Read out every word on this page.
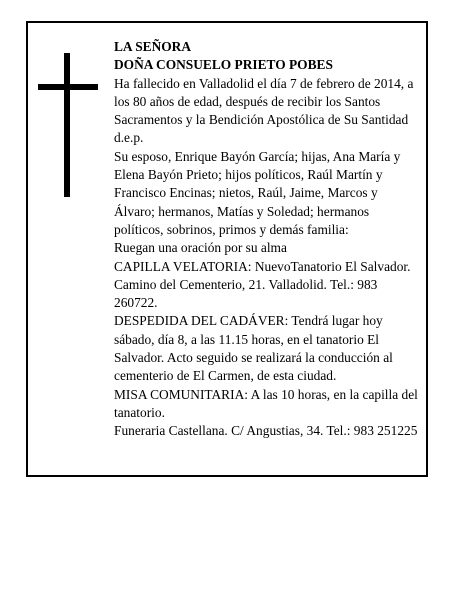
LA SEÑORA

DOÑA CONSUELO PRIETO POBES

Ha fallecido en Valladolid el día 7 de febrero de 2014, a los 80 años de edad, después de recibir los Santos Sacramentos y la Bendición Apostólica de Su Santidad d.e.p.

Su esposo, Enrique Bayón García; hijas, Ana María y Elena Bayón Prieto; hijos políticos, Raúl Martín y Francisco Encinas; nietos, Raúl, Jaime, Marcos y Álvaro; hermanos, Matías y Soledad; hermanos políticos, sobrinos, primos y demás familia:

Ruegan una oración por su alma

CAPILLA VELATORIA: NuevoTanatorio El Salvador. Camino del Cementerio, 21. Valladolid. Tel.: 983 260722.

DESPEDIDA DEL CADÁVER: Tendrá lugar hoy sábado, día 8, a las 11.15 horas, en el tanatorio El Salvador. Acto seguido se realizará la conducción al cementerio de El Carmen, de esta ciudad.

MISA COMUNITARIA: A las 10 horas, en la capilla del tanatorio.

Funeraria Castellana. C/ Angustias, 34. Tel.: 983 251225
